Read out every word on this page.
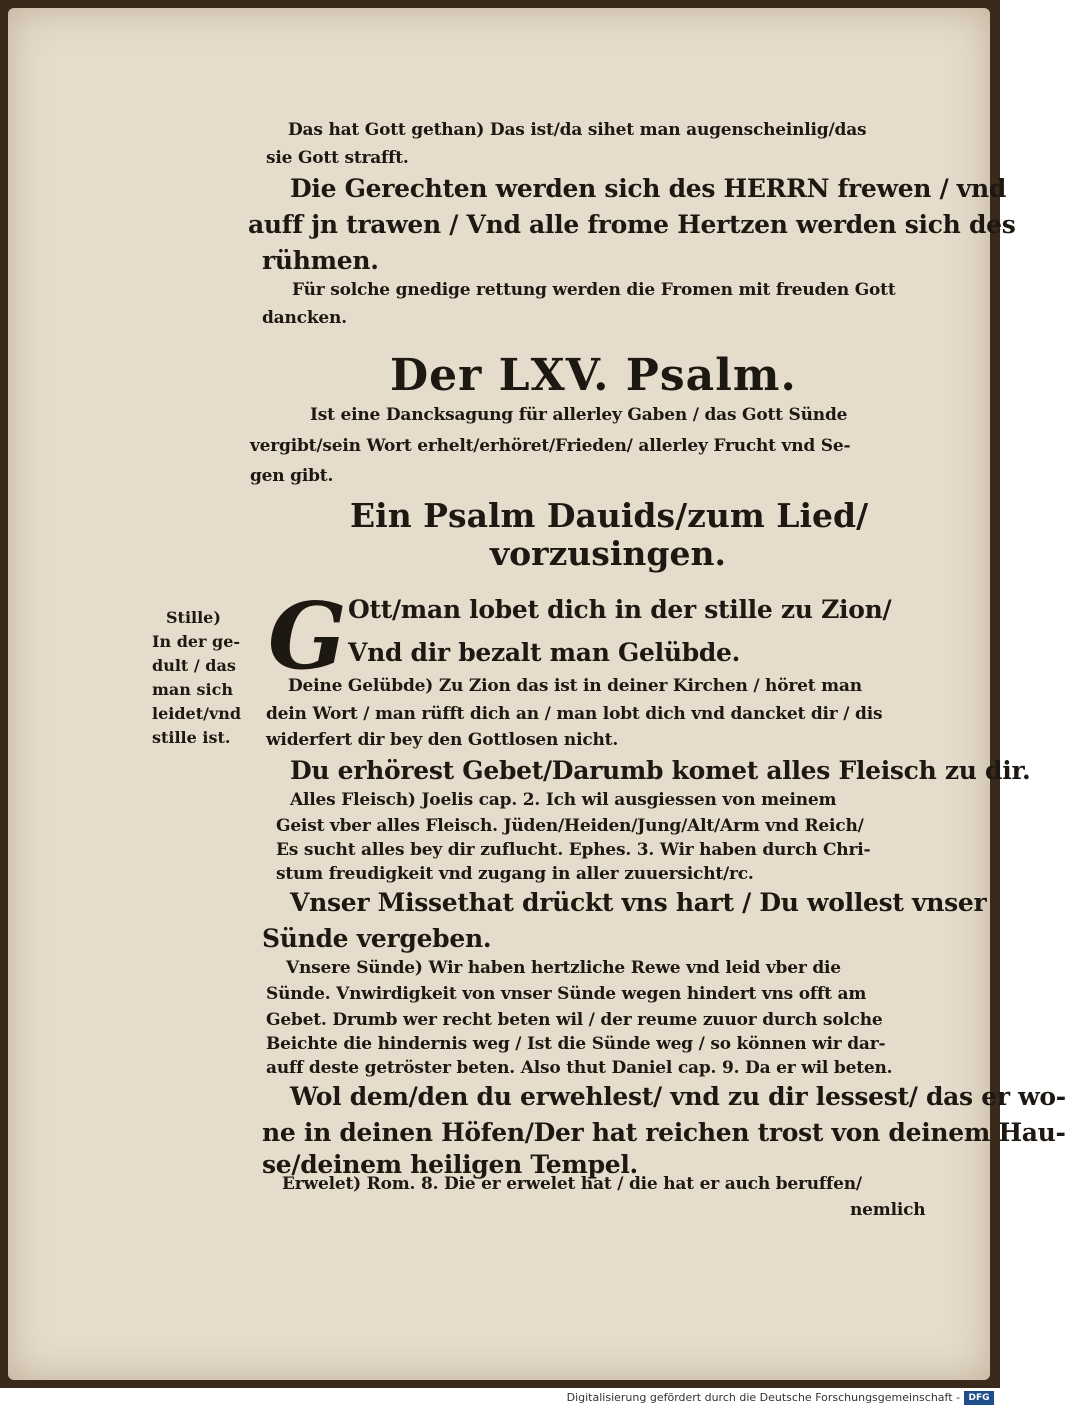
Das hat Gott gethan) Das ist/da sihet man augenscheinlig/das

sie Gott strafft.

Die Gerechten werden sich des HERRN frewen / vnd

auff jn trawen / Vnd alle frome Hertzen werden sich des

rühmen.

Für solche gnedige rettung werden die Fromen mit freuden Gott

dancken.

Der LXV. Psalm.

Ist eine Dancksagung für allerley Gaben / das Gott Sünde

vergibt/sein Wort erhelt/erhöret/Frieden/ allerley Frucht vnd Se-

gen gibt.

Ein Psalm Dauids/zum Lied/

vorzusingen.

Ott/man lobet dich in der stille zu Zion/

Vnd dir bezalt man Gelübde.

Deine Gelübde) Zu Zion das ist in deiner Kirchen / höret man

dein Wort / man rüfft dich an / man lobt dich vnd dancket dir / dis

widerfert dir bey den Gottlosen nicht.

Du erhörest Gebet/Darumb komet alles Fleisch zu dir.

Alles Fleisch) Joelis cap. 2. Ich wil ausgiessen von meinem

Geist vber alles Fleisch. Jüden/Heiden/Jung/Alt/Arm vnd Reich/

Es sucht alles bey dir zuflucht. Ephes. 3. Wir haben durch Chri-

stum freudigkeit vnd zugang in aller zuuersicht/rc.

Vnser Missethat drückt vns hart / Du wollest vnser

Sünde vergeben.

Vnsere Sünde) Wir haben hertzliche Rewe vnd leid vber die

Sünde. Vnwirdigkeit von vnser Sünde wegen hindert vns offt am

Gebet. Drumb wer recht beten wil / der reume zuuor durch solche

Beichte die hindernis weg / Ist die Sünde weg / so können wir dar-

auff deste getröster beten. Also thut Daniel cap. 9. Da er wil beten.

Wol dem/den du erwehlest/ vnd zu dir lessest/ das er wo-

ne in deinen Höfen/Der hat reichen trost von deinem Hau-

se/deinem heiligen Tempel.

Erwelet) Rom. 8. Die er erwelet hat / die hat er auch beruffen/

nemlich

G

Stille)

In der ge-

dult / das

man sich

leidet/vnd

stille ist.

Digitalisierung gefördert durch die Deutsche Forschungsgemeinschaft - DFG
